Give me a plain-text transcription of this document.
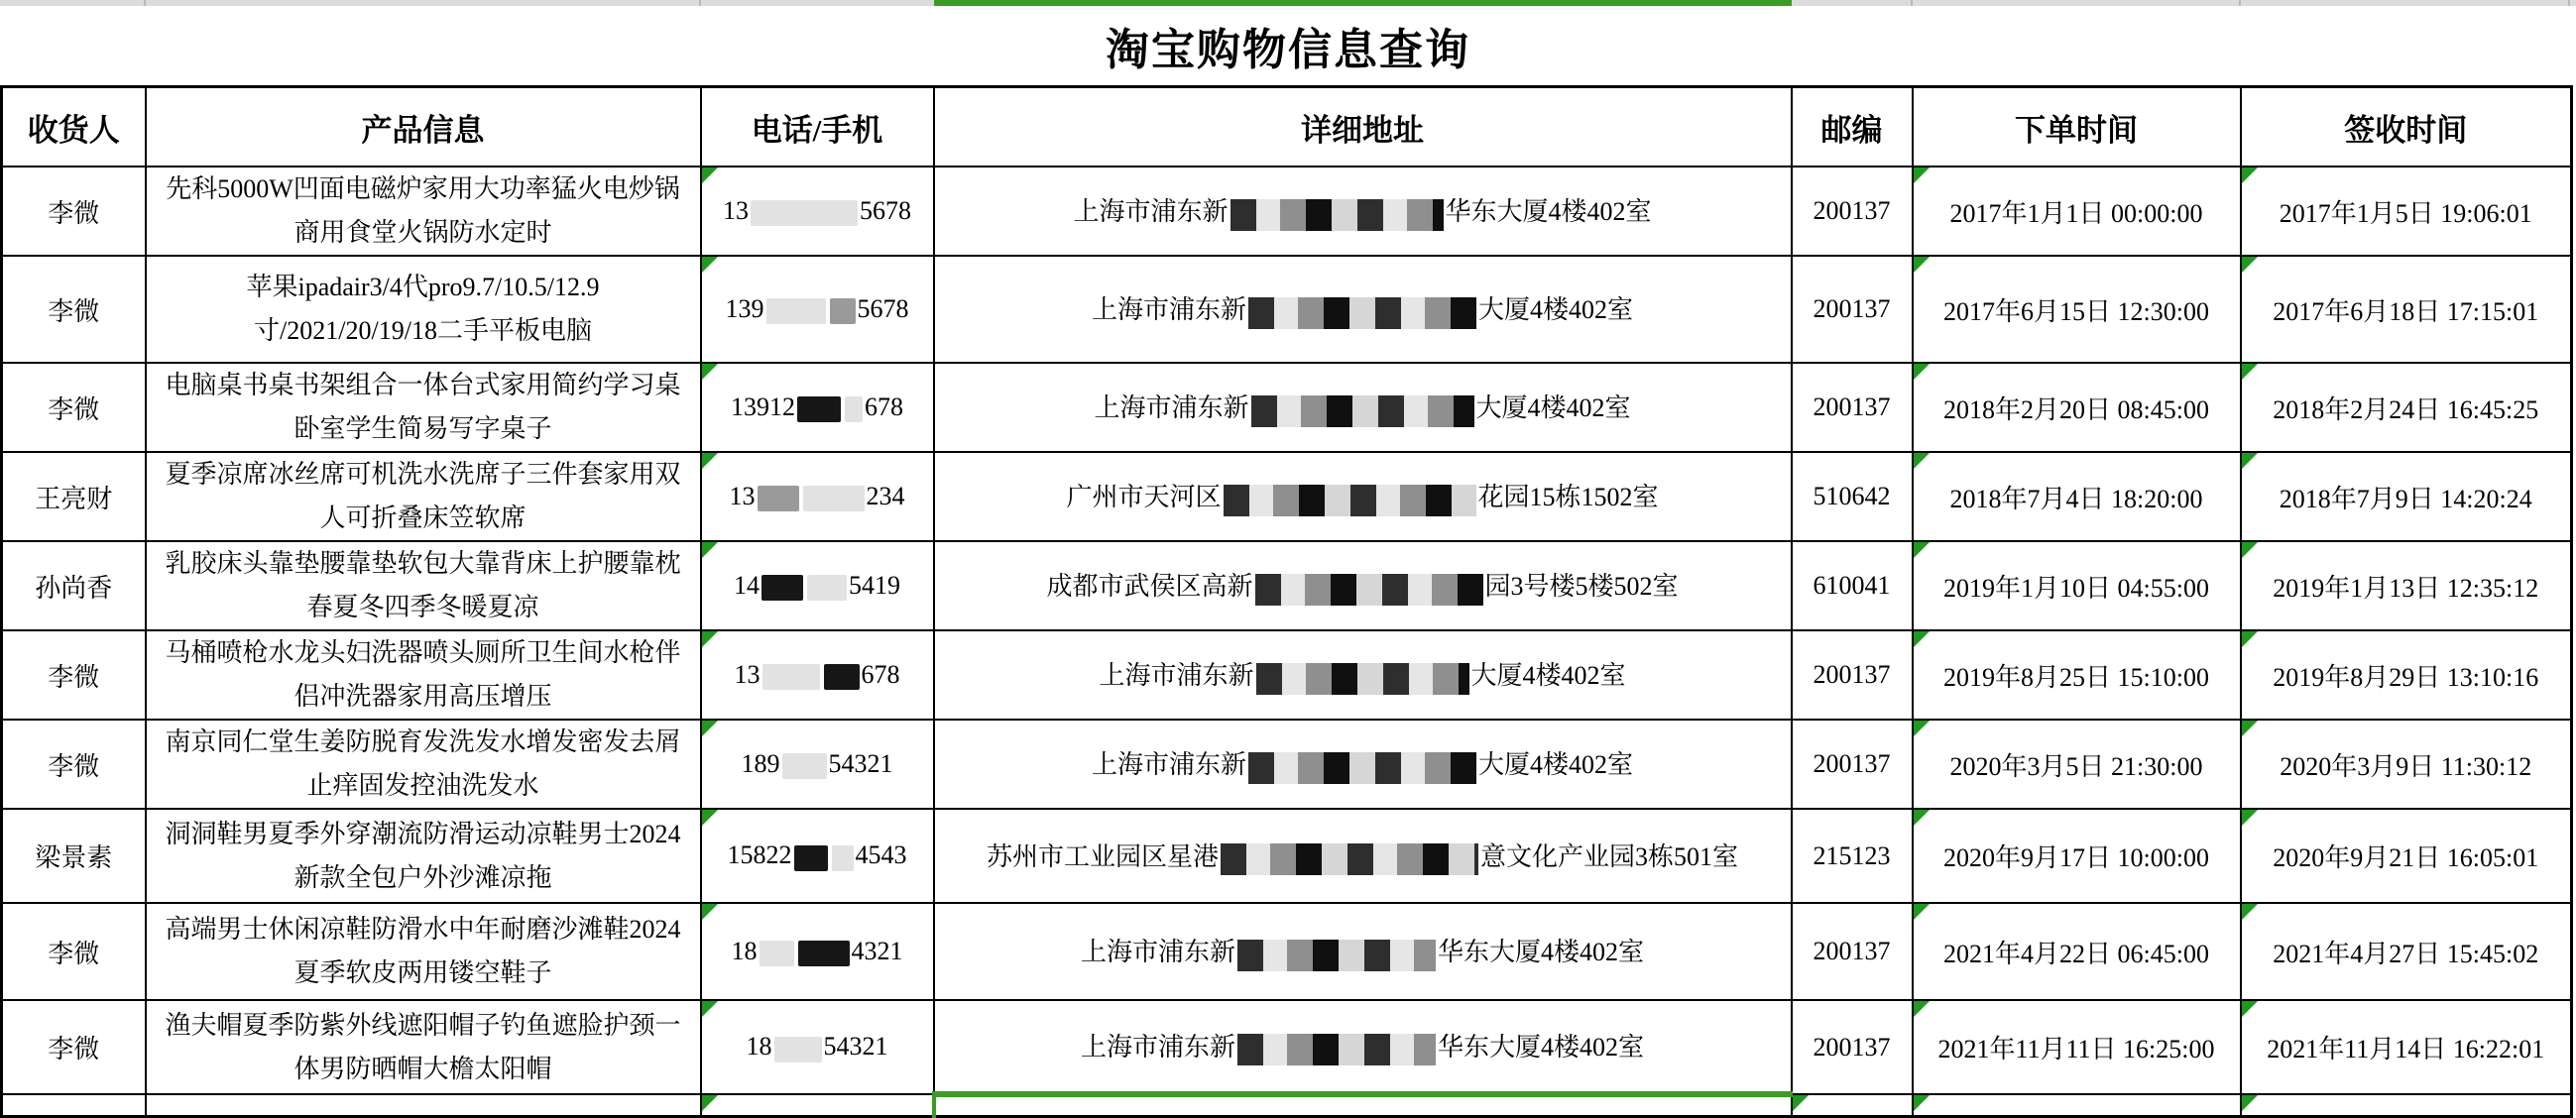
淘宝购物信息查询
收货人	产品信息	电话/手机	详细地址	邮编	下单时间	签收时间
李微	先科5000W凹面电磁炉家用大功率猛火电炒锅商用食堂火锅防水定时	13 5678	上海市浦东新 华东大厦4楼402室	200137	2017年1月1日 00:00:00	2017年1月5日 19:06:01
李微	苹果ipadair3/4代pro9.7/10.5/12.9寸/2021/20/19/18二手平板电脑	139 5678	上海市浦东新 大厦4楼402室	200137	2017年6月15日 12:30:00	2017年6月18日 17:15:01
李微	电脑桌书桌书架组合一体台式家用简约学习桌卧室学生简易写字桌子	13912 678	上海市浦东新 大厦4楼402室	200137	2018年2月20日 08:45:00	2018年2月24日 16:45:25
王亮财	夏季凉席冰丝席可机洗水洗席子三件套家用双人可折叠床笠软席	13 234	广州市天河区 花园15栋1502室	510642	2018年7月4日 18:20:00	2018年7月9日 14:20:24
孙尚香	乳胶床头靠垫腰靠垫软包大靠背床上护腰靠枕春夏冬四季冬暖夏凉	14 5419	成都市武侯区高新 园3号楼5楼502室	610041	2019年1月10日 04:55:00	2019年1月13日 12:35:12
李微	马桶喷枪水龙头妇洗器喷头厕所卫生间水枪伴侣冲洗器家用高压增压	13 678	上海市浦东新 大厦4楼402室	200137	2019年8月25日 15:10:00	2019年8月29日 13:10:16
李微	南京同仁堂生姜防脱育发洗发水增发密发去屑止痒固发控油洗发水	189 54321	上海市浦东新 大厦4楼402室	200137	2020年3月5日 21:30:00	2020年3月9日 11:30:12
梁景素	洞洞鞋男夏季外穿潮流防滑运动凉鞋男士2024新款全包户外沙滩凉拖	15822 4543	苏州市工业园区星港 意文化产业园3栋501室	215123	2020年9月17日 10:00:00	2020年9月21日 16:05:01
李微	高端男士休闲凉鞋防滑水中年耐磨沙滩鞋2024夏季软皮两用镂空鞋子	18 4321	上海市浦东新 华东大厦4楼402室	200137	2021年4月22日 06:45:00	2021年4月27日 15:45:02
李微	渔夫帽夏季防紫外线遮阳帽子钓鱼遮脸护颈一体男防晒帽大檐太阳帽	18 54321	上海市浦东新 华东大厦4楼402室	200137	2021年11月11日 16:25:00	2021年11月14日 16:22:01
